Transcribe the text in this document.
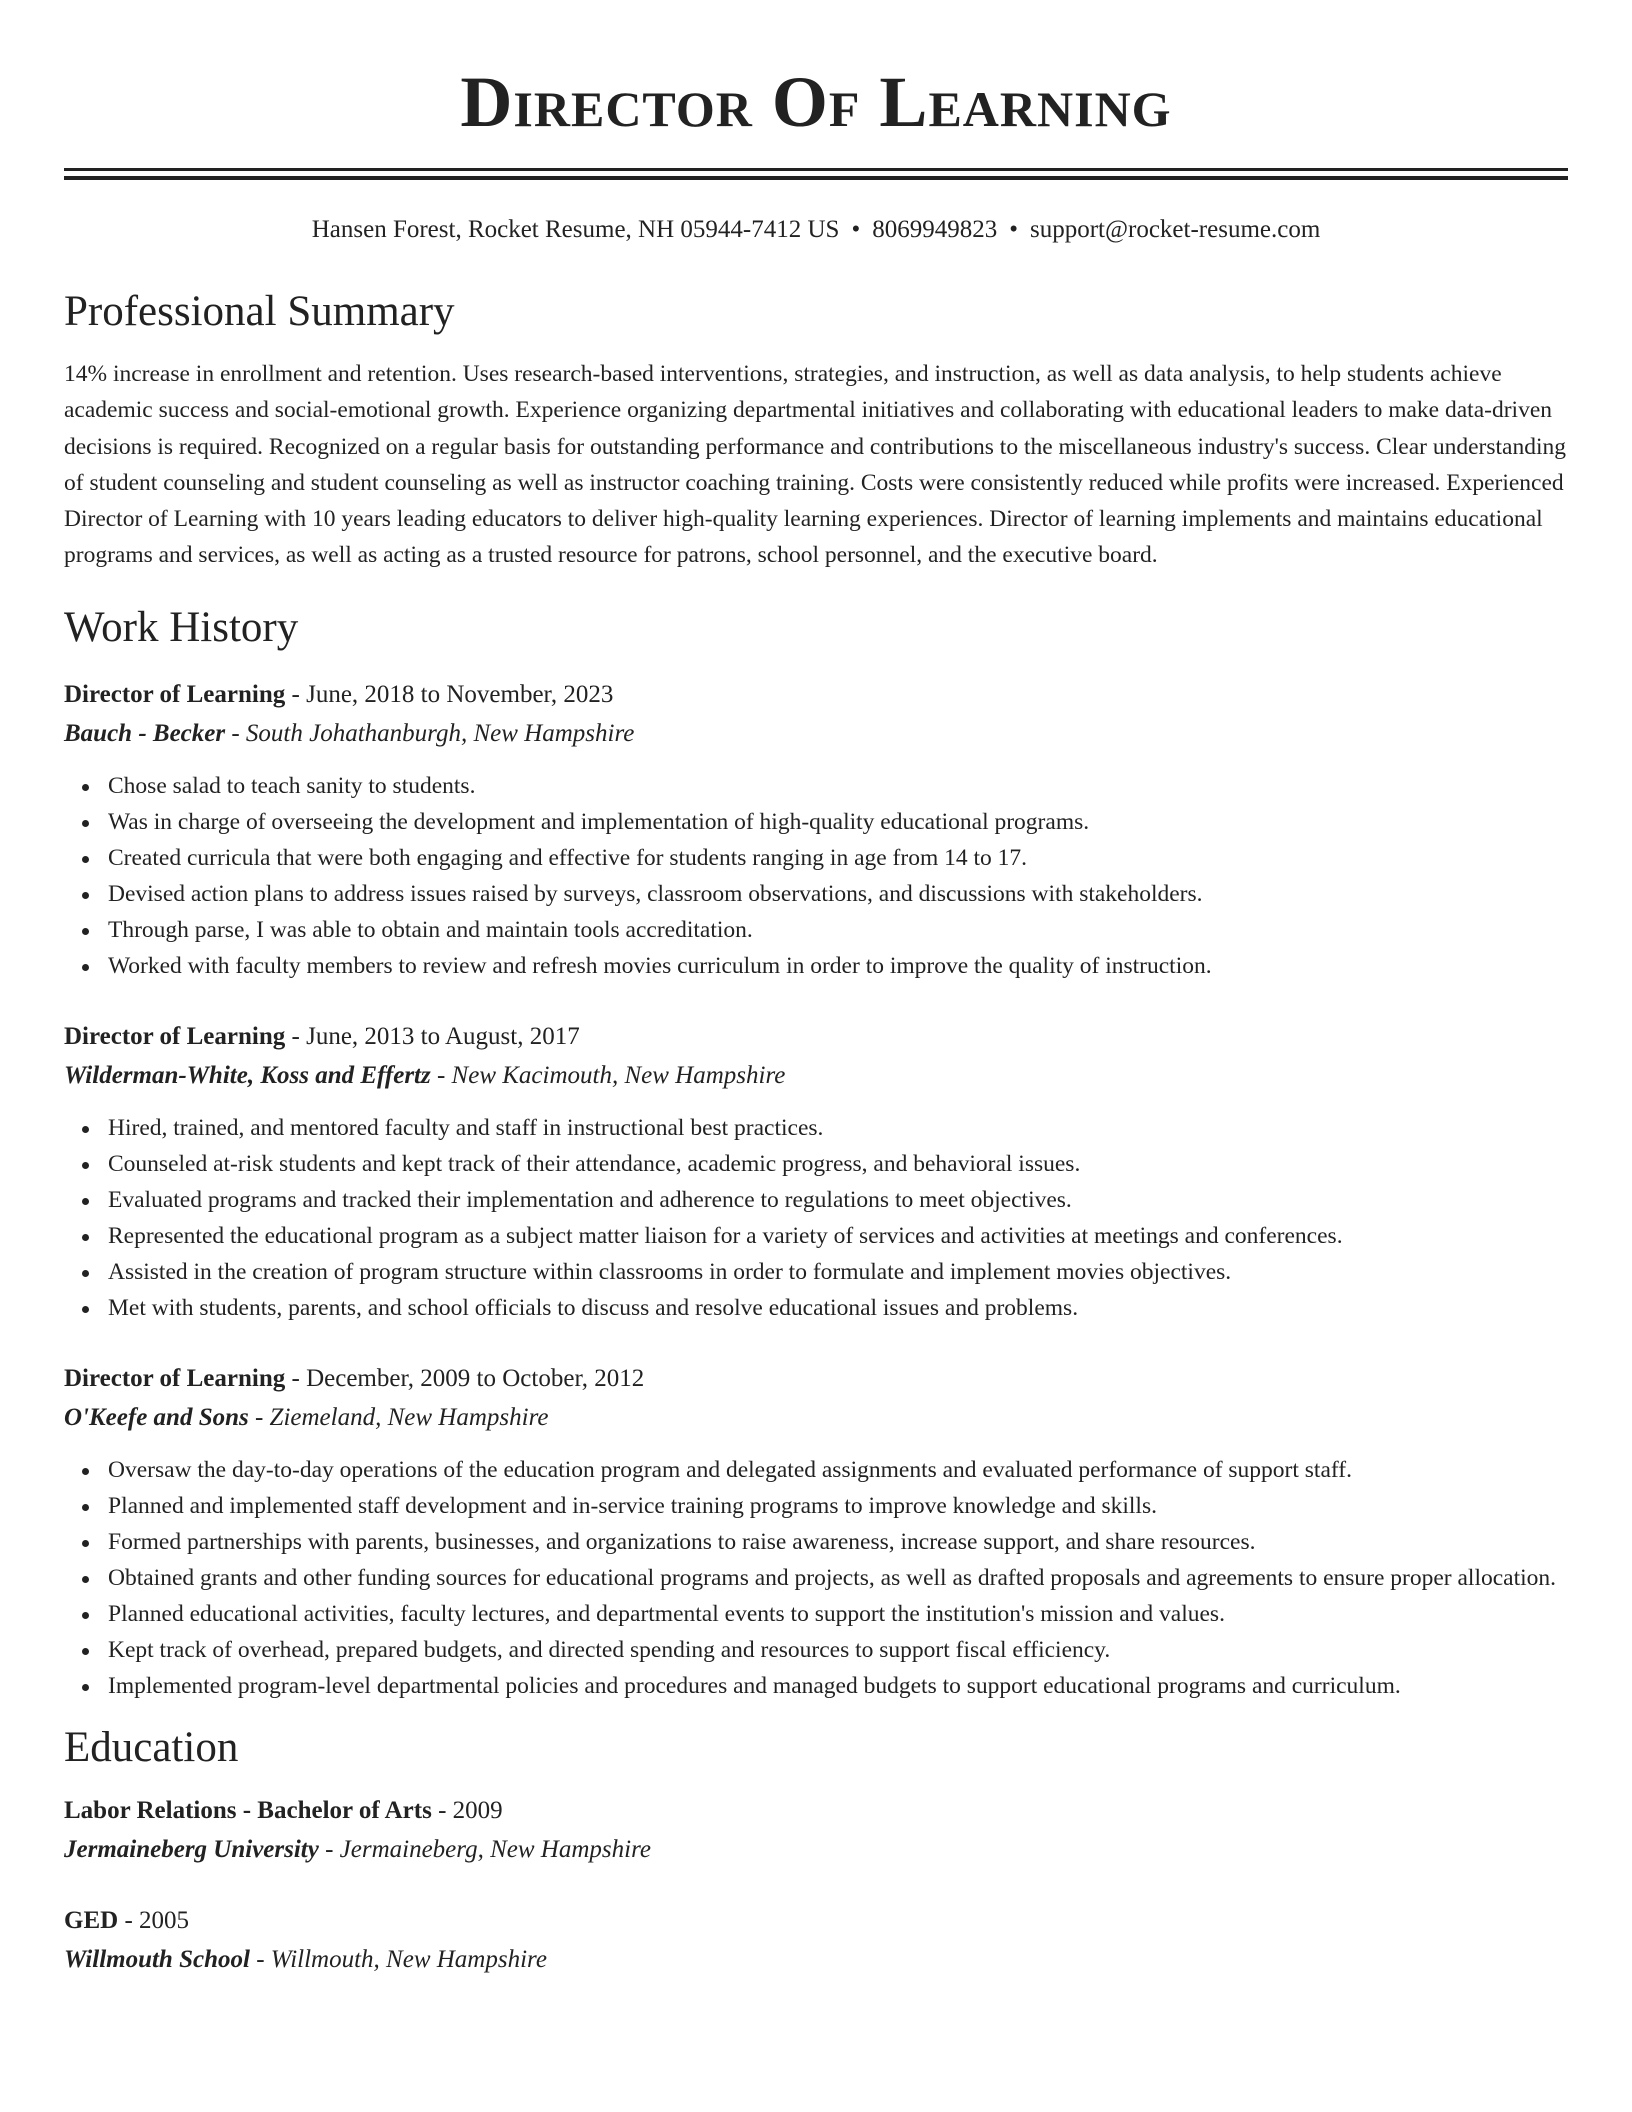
Director Of Learning
Hansen Forest, Rocket Resume, NH 05944-7412 US • 8069949823 • support@rocket-resume.com
Professional Summary
14% increase in enrollment and retention. Uses research-based interventions, strategies, and instruction, as well as data analysis, to help students achieve academic success and social-emotional growth. Experience organizing departmental initiatives and collaborating with educational leaders to make data-driven decisions is required. Recognized on a regular basis for outstanding performance and contributions to the miscellaneous industry's success. Clear understanding of student counseling and student counseling as well as instructor coaching training. Costs were consistently reduced while profits were increased. Experienced Director of Learning with 10 years leading educators to deliver high-quality learning experiences. Director of learning implements and maintains educational programs and services, as well as acting as a trusted resource for patrons, school personnel, and the executive board.
Work History
Director of Learning - June, 2018 to November, 2023
Bauch - Becker - South Johathanburgh, New Hampshire
Chose salad to teach sanity to students.
Was in charge of overseeing the development and implementation of high-quality educational programs.
Created curricula that were both engaging and effective for students ranging in age from 14 to 17.
Devised action plans to address issues raised by surveys, classroom observations, and discussions with stakeholders.
Through parse, I was able to obtain and maintain tools accreditation.
Worked with faculty members to review and refresh movies curriculum in order to improve the quality of instruction.
Director of Learning - June, 2013 to August, 2017
Wilderman-White, Koss and Effertz - New Kacimouth, New Hampshire
Hired, trained, and mentored faculty and staff in instructional best practices.
Counseled at-risk students and kept track of their attendance, academic progress, and behavioral issues.
Evaluated programs and tracked their implementation and adherence to regulations to meet objectives.
Represented the educational program as a subject matter liaison for a variety of services and activities at meetings and conferences.
Assisted in the creation of program structure within classrooms in order to formulate and implement movies objectives.
Met with students, parents, and school officials to discuss and resolve educational issues and problems.
Director of Learning - December, 2009 to October, 2012
O'Keefe and Sons - Ziemeland, New Hampshire
Oversaw the day-to-day operations of the education program and delegated assignments and evaluated performance of support staff.
Planned and implemented staff development and in-service training programs to improve knowledge and skills.
Formed partnerships with parents, businesses, and organizations to raise awareness, increase support, and share resources.
Obtained grants and other funding sources for educational programs and projects, as well as drafted proposals and agreements to ensure proper allocation.
Planned educational activities, faculty lectures, and departmental events to support the institution's mission and values.
Kept track of overhead, prepared budgets, and directed spending and resources to support fiscal efficiency.
Implemented program-level departmental policies and procedures and managed budgets to support educational programs and curriculum.
Education
Labor Relations - Bachelor of Arts - 2009
Jermaineberg University - Jermaineberg, New Hampshire
GED - 2005
Willmouth School - Willmouth, New Hampshire
